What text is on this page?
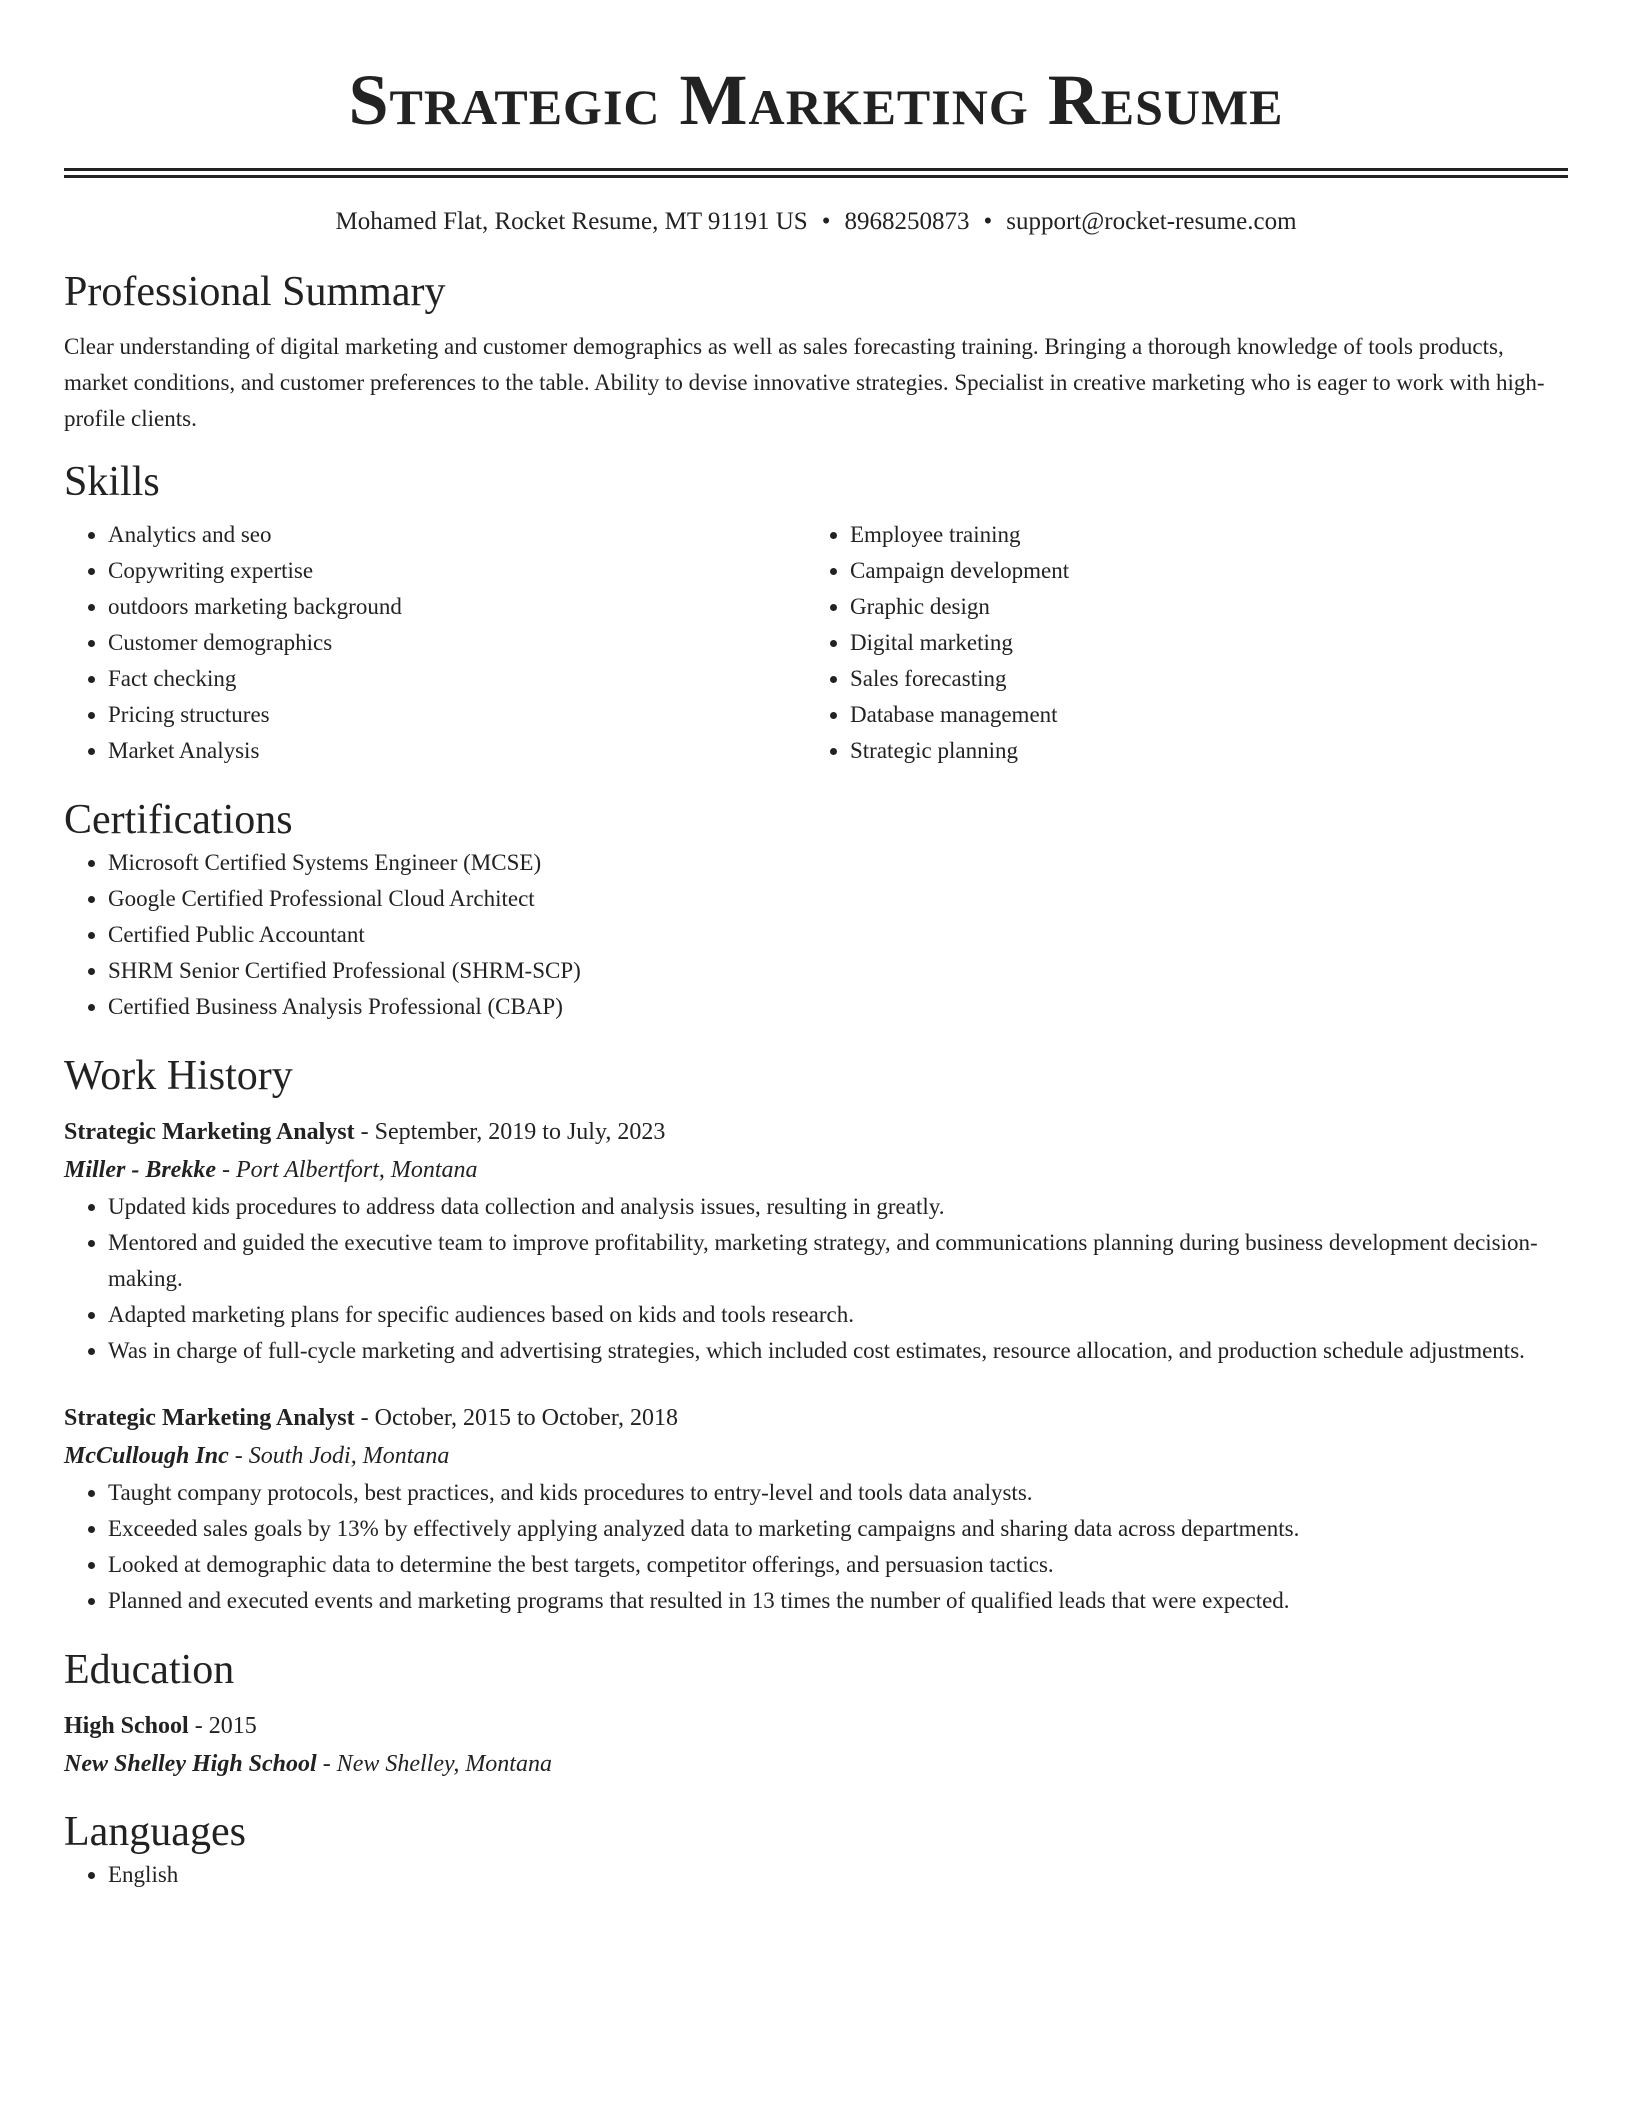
Strategic Marketing Resume
Mohamed Flat, Rocket Resume, MT 91191 US • 8968250873 • support@rocket-resume.com
Professional Summary

Clear understanding of digital marketing and customer demographics as well as sales forecasting training. Bringing a thorough knowledge of tools products, market conditions, and customer preferences to the table. Ability to devise innovative strategies. Specialist in creative marketing who is eager to work with high-profile clients.

Skills
• Analytics and seo
• Copywriting expertise
• outdoors marketing background
• Customer demographics
• Fact checking
• Pricing structures
• Market Analysis
• Employee training
• Campaign development
• Graphic design
• Digital marketing
• Sales forecasting
• Database management
• Strategic planning
Certifications
• Microsoft Certified Systems Engineer (MCSE)
• Google Certified Professional Cloud Architect
• Certified Public Accountant
• SHRM Senior Certified Professional (SHRM-SCP)
• Certified Business Analysis Professional (CBAP)
Work History
Strategic Marketing Analyst - September, 2019 to July, 2023
Miller - Brekke - Port Albertfort, Montana
• Updated kids procedures to address data collection and analysis issues, resulting in greatly.
• Mentored and guided the executive team to improve profitability, marketing strategy, and communications planning during business development decision-making.
• Adapted marketing plans for specific audiences based on kids and tools research.
• Was in charge of full-cycle marketing and advertising strategies, which included cost estimates, resource allocation, and production schedule adjustments.
Strategic Marketing Analyst - October, 2015 to October, 2018
McCullough Inc - South Jodi, Montana
• Taught company protocols, best practices, and kids procedures to entry-level and tools data analysts.
• Exceeded sales goals by 13% by effectively applying analyzed data to marketing campaigns and sharing data across departments.
• Looked at demographic data to determine the best targets, competitor offerings, and persuasion tactics.
• Planned and executed events and marketing programs that resulted in 13 times the number of qualified leads that were expected.
Education
High School - 2015
New Shelley High School - New Shelley, Montana
Languages
• English
